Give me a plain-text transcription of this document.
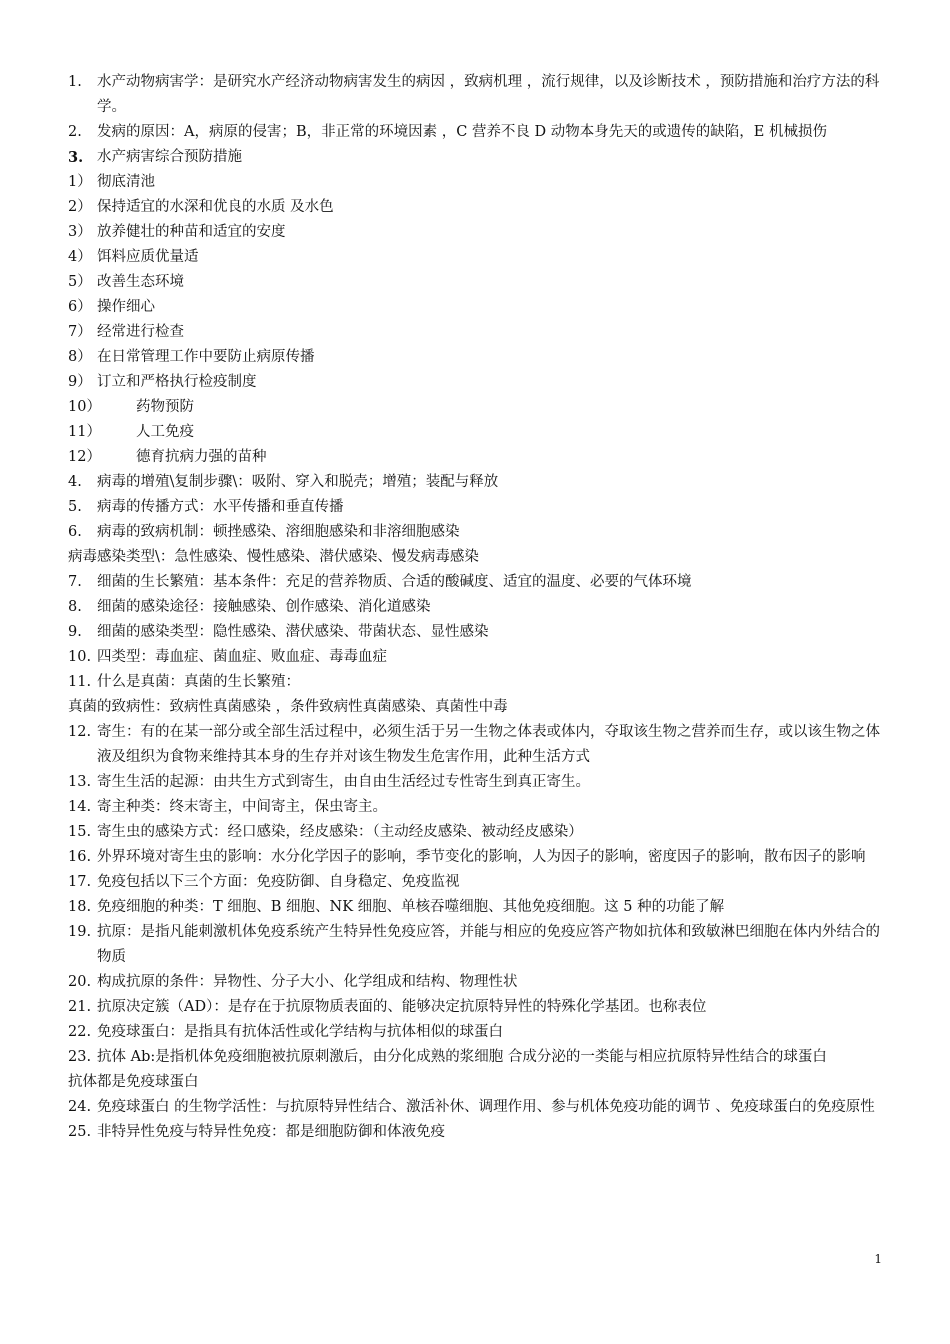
1. 水产动物病害学：是研究水产经济动物病害发生的病因 ，致病机理 ，流行规律，以及诊断技术 ，预防措施和治疗方法的科学。
2. 发病的原因：A，病原的侵害；B，非正常的环境因素 ，C 营养不良 D 动物本身先天的或遗传的缺陷，E 机械损伤
3. 水产病害综合预防措施
1） 彻底清池
2） 保持适宜的水深和优良的水质 及水色
3） 放养健壮的种苗和适宜的安度
4） 饵料应质优量适
5） 改善生态环境
6） 操作细心
7） 经常进行检查
8） 在日常管理工作中要防止病原传播
9） 订立和严格执行检疫制度
10） 药物预防
11） 人工免疫
12） 德育抗病力强的苗种
4. 病毒的增殖\复制步骤\：吸附、穿入和脱壳；增殖；装配与释放
5. 病毒的传播方式：水平传播和垂直传播
6. 病毒的致病机制：顿挫感染、溶细胞感染和非溶细胞感染
病毒感染类型\：急性感染、慢性感染、潜伏感染、慢发病毒感染
7. 细菌的生长繁殖：基本条件：充足的营养物质、合适的酸碱度、适宜的温度、必要的气体环境
8. 细菌的感染途径：接触感染、创作感染、消化道感染
9. 细菌的感染类型：隐性感染、潜伏感染、带菌状态、显性感染
10. 四类型：毒血症、菌血症、败血症、毒毒血症
11. 什么是真菌：真菌的生长繁殖：
真菌的致病性：致病性真菌感染 ，条件致病性真菌感染、真菌性中毒
12. 寄生：有的在某一部分或全部生活过程中，必须生活于另一生物之体表或体内，夺取该生物之营养而生存，或以该生物之体液及组织为食物来维持其本身的生存并对该生物发生危害作用，此种生活方式
13. 寄生生活的起源：由共生方式到寄生，由自由生活经过专性寄生到真正寄生。
14. 寄主种类：终末寄主，中间寄主，保虫寄主。
15. 寄生虫的感染方式：经口感染，经皮感染：（主动经皮感染、被动经皮感染）
16. 外界环境对寄生虫的影响：水分化学因子的影响，季节变化的影响，人为因子的影响，密度因子的影响，散布因子的影响
17. 免疫包括以下三个方面：免疫防御、自身稳定、免疫监视
18. 免疫细胞的种类：T 细胞、B 细胞、NK 细胞、单核吞噬细胞、其他免疫细胞。这 5 种的功能了解
19. 抗原：是指凡能刺激机体免疫系统产生特异性免疫应答，并能与相应的免疫应答产物如抗体和致敏淋巴细胞在体内外结合的物质
20. 构成抗原的条件：异物性、分子大小、化学组成和结构、物理性状
21. 抗原决定簇（AD）：是存在于抗原物质表面的、能够决定抗原特异性的特殊化学基团。也称表位
22. 免疫球蛋白：是指具有抗体活性或化学结构与抗体相似的球蛋白
23. 抗体 Ab:是指机体免疫细胞被抗原刺激后，由分化成熟的浆细胞 合成分泌的一类能与相应抗原特异性结合的球蛋白
抗体都是免疫球蛋白
24. 免疫球蛋白 的生物学活性：与抗原特异性结合、激活补休、调理作用、参与机体免疫功能的调节 、免疫球蛋白的免疫原性
25. 非特异性免疫与特异性免疫：都是细胞防御和体液免疫
1
